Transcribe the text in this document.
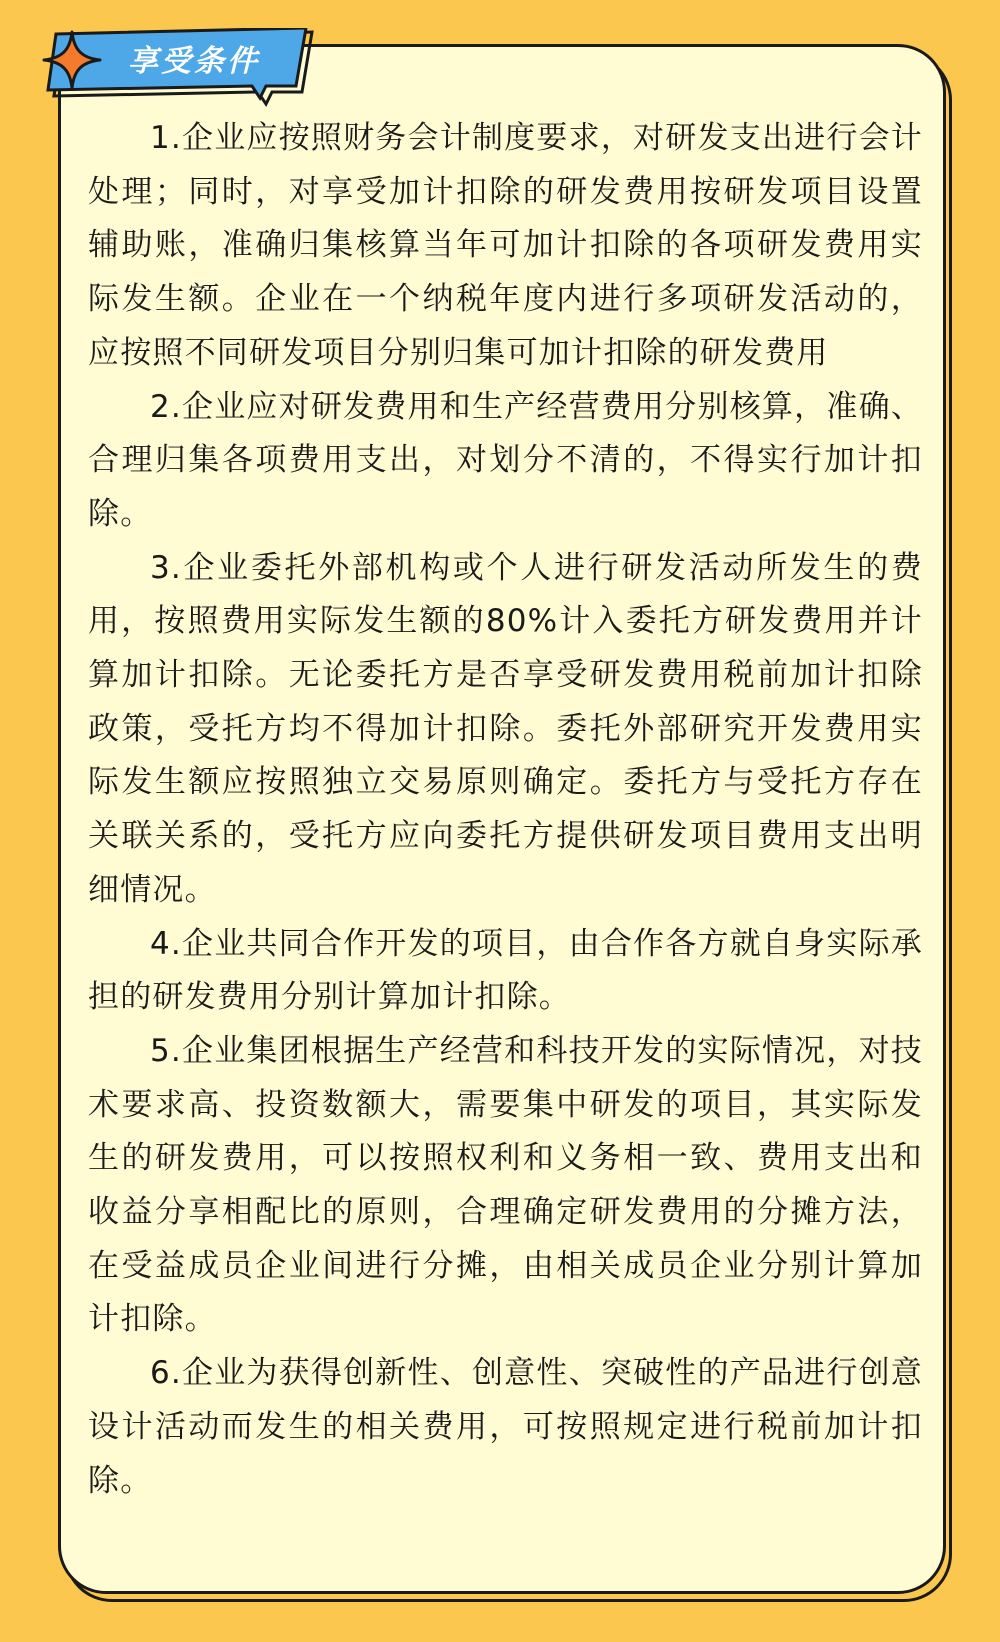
享受条件

1.企业应按照财务会计制度要求，对研发支出进行会计处理；同时，对享受加计扣除的研发费用按研发项目设置辅助账，准确归集核算当年可加计扣除的各项研发费用实际发生额。企业在一个纳税年度内进行多项研发活动的，应按照不同研发项目分别归集可加计扣除的研发费用

2.企业应对研发费用和生产经营费用分别核算，准确、合理归集各项费用支出，对划分不清的，不得实行加计扣除。

3.企业委托外部机构或个人进行研发活动所发生的费用，按照费用实际发生额的80%计入委托方研发费用并计算加计扣除。无论委托方是否享受研发费用税前加计扣除政策，受托方均不得加计扣除。委托外部研究开发费用实际发生额应按照独立交易原则确定。委托方与受托方存在关联关系的，受托方应向委托方提供研发项目费用支出明细情况。

4.企业共同合作开发的项目，由合作各方就自身实际承担的研发费用分别计算加计扣除。

5.企业集团根据生产经营和科技开发的实际情况，对技术要求高、投资数额大，需要集中研发的项目，其实际发生的研发费用，可以按照权利和义务相一致、费用支出和收益分享相配比的原则，合理确定研发费用的分摊方法，在受益成员企业间进行分摊，由相关成员企业分别计算加计扣除。

6.企业为获得创新性、创意性、突破性的产品进行创意设计活动而发生的相关费用，可按照规定进行税前加计扣除。
